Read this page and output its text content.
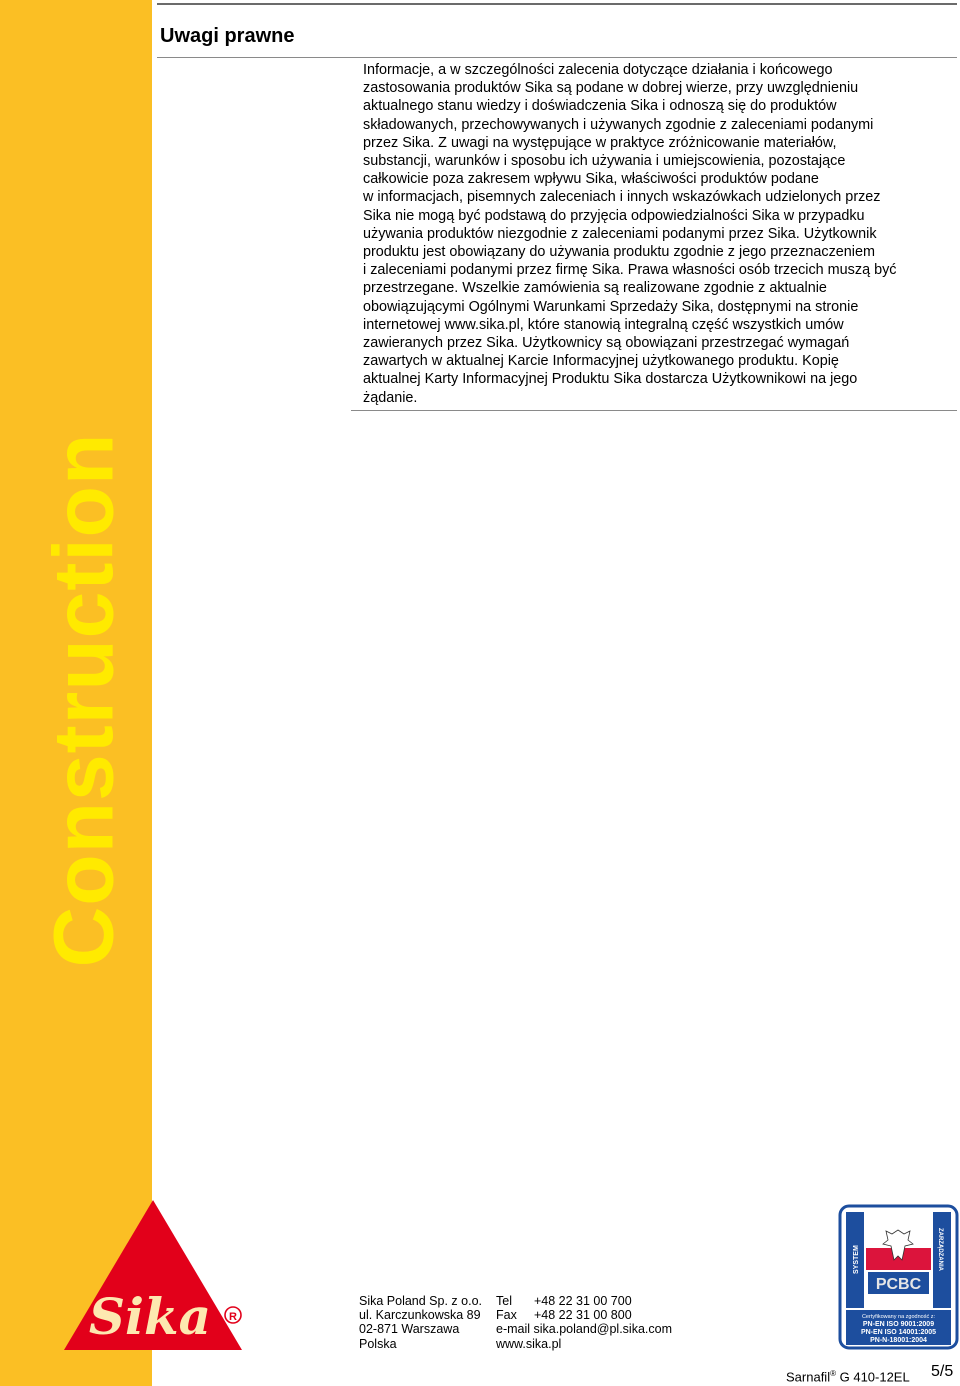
Construction
Sika R
Uwagi prawne
Informacje, a w szczególności zalecenia dotyczące działania i końcowego
zastosowania produktów Sika są podane w dobrej wierze, przy uwzględnieniu
aktualnego stanu wiedzy i doświadczenia Sika i odnoszą się do produktów
składowanych, przechowywanych i używanych zgodnie z zaleceniami podanymi
przez Sika. Z uwagi na występujące w praktyce zróżnicowanie materiałów,
substancji, warunków i sposobu ich używania i umiejscowienia, pozostające
całkowicie poza zakresem wpływu Sika, właściwości produktów podane
w informacjach, pisemnych zaleceniach i innych wskazówkach udzielonych przez
Sika nie mogą być podstawą do przyjęcia odpowiedzialności Sika w przypadku
używania produktów niezgodnie z zaleceniami podanymi przez Sika. Użytkownik
produktu jest obowiązany do używania produktu zgodnie z jego przeznaczeniem
i zaleceniami podanymi przez firmę Sika. Prawa własności osób trzecich muszą być
przestrzegane. Wszelkie zamówienia są realizowane zgodnie z aktualnie
obowiązującymi Ogólnymi Warunkami Sprzedaży Sika, dostępnymi na stronie
internetowej www.sika.pl, które stanowią integralną część wszystkich umów
zawieranych przez Sika. Użytkownicy są obowiązani przestrzegać wymagań
zawartych w aktualnej Karcie Informacyjnej użytkowanego produktu. Kopię
aktualnej Karty Informacyjnej Produktu Sika dostarcza Użytkownikowi na jego
żądanie.
Sika Poland Sp. z o.o.
ul. Karczunkowska 89
02-871 Warszawa
Polska
Tel +48 22 31 00 700
Fax +48 22 31 00 800
e-mail sika.poland@pl.sika.com
www.sika.pl
SYSTEM	ZARZĄDZANIA
PCBC
Certyfikowany na zgodność z:
PN-EN ISO 9001:2009
PN-EN ISO 14001:2005
PN-N-18001:2004
Sarnafil® G 410-12EL 5/5
